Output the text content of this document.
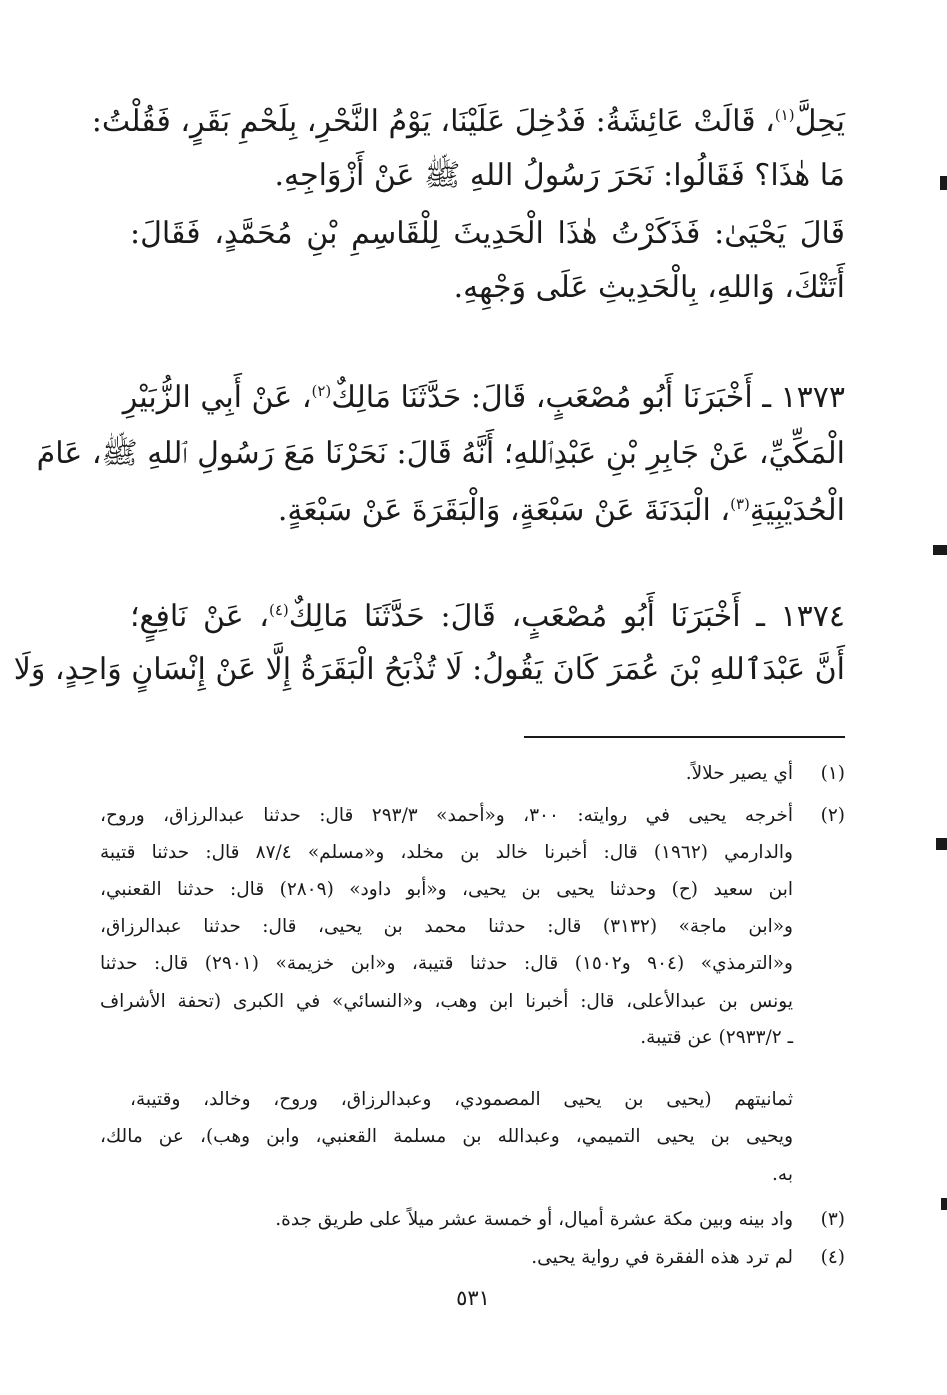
يَحِلَّ$^{(١)}$، قَالَتْ عَائِشَةُ: فَدُخِلَ عَلَيْنَا، يَوْمُ النَّحْرِ، بِلَحْمِ بَقَرٍ، فَقُلْتُ:
مَا هٰذَا؟ فَقَالُوا: نَحَرَ رَسُولُ اللهِ ﷺ عَنْ أَزْوَاجِهِ.
قَالَ يَحْيَىٰ: فَذَكَرْتُ هٰذَا الْحَدِيثَ لِلْقَاسِمِ بْنِ مُحَمَّدٍ، فَقَالَ:
أَتَتْكَ، وَاللهِ، بِالْحَدِيثِ عَلَى وَجْهِهِ.
١٣٧٣ ـ أَخْبَرَنَا أَبُو مُصْعَبٍ، قَالَ: حَدَّثَنَا مَالِكٌ$^{(٢)}$، عَنْ أَبِي الزُّبَيْرِ
الْمَكِّيِّ، عَنْ جَابِرِ بْنِ عَبْدِٱللهِ؛ أَنَّهُ قَالَ: نَحَرْنَا مَعَ رَسُولِ ٱللهِ ﷺ، عَامَ
الْحُدَيْبِيَةِ$^{(٣)}$، الْبَدَنَةَ عَنْ سَبْعَةٍ، وَالْبَقَرَةَ عَنْ سَبْعَةٍ.
١٣٧٤ ـ أَخْبَرَنَا أَبُو مُصْعَبٍ، قَالَ: حَدَّثَنَا مَالِكٌ$^{(٤)}$، عَنْ نَافِعٍ؛
أَنَّ عَبْدَٱللهِ بْنَ عُمَرَ كَانَ يَقُولُ: لَا تُذْبَحُ الْبَقَرَةُ إِلَّا عَنْ إِنْسَانٍ وَاحِدٍ، وَلَا
(١)
أي يصير حلالاً.
(٢)
أخرجه يحيى في روايته: ٣٠٠، و«أحمد» ٢٩٣/٣ قال: حدثنا عبدالرزاق، وروح،
والدارمي (١٩٦٢) قال: أخبرنا خالد بن مخلد، و«مسلم» ٨٧/٤ قال: حدثنا قتيبة
ابن سعيد (ح) وحدثنا يحيى بن يحيى، و«أبو داود» (٢٨٠٩) قال: حدثنا القعنبي،
و«ابن ماجة» (٣١٣٢) قال: حدثنا محمد بن يحيى، قال: حدثنا عبدالرزاق،
و«الترمذي» (٩٠٤ و١٥٠٢) قال: حدثنا قتيبة، و«ابن خزيمة» (٢٩٠١) قال: حدثنا
يونس بن عبدالأعلى، قال: أخبرنا ابن وهب، و«النسائي» في الكبرى (تحفة الأشراف
ـ ٢٩٣٣/٢) عن قتيبة.
ثمانيتهم (يحيى بن يحيى المصمودي، وعبدالرزاق، وروح، وخالد، وقتيبة،
ويحيى بن يحيى التميمي، وعبدالله بن مسلمة القعنبي، وابن وهب)، عن مالك،
به.
(٣)
واد بينه وبين مكة عشرة أميال، أو خمسة عشر ميلاً على طريق جدة.
(٤)
لم ترد هذه الفقرة في رواية يحيى.
٥٣١
